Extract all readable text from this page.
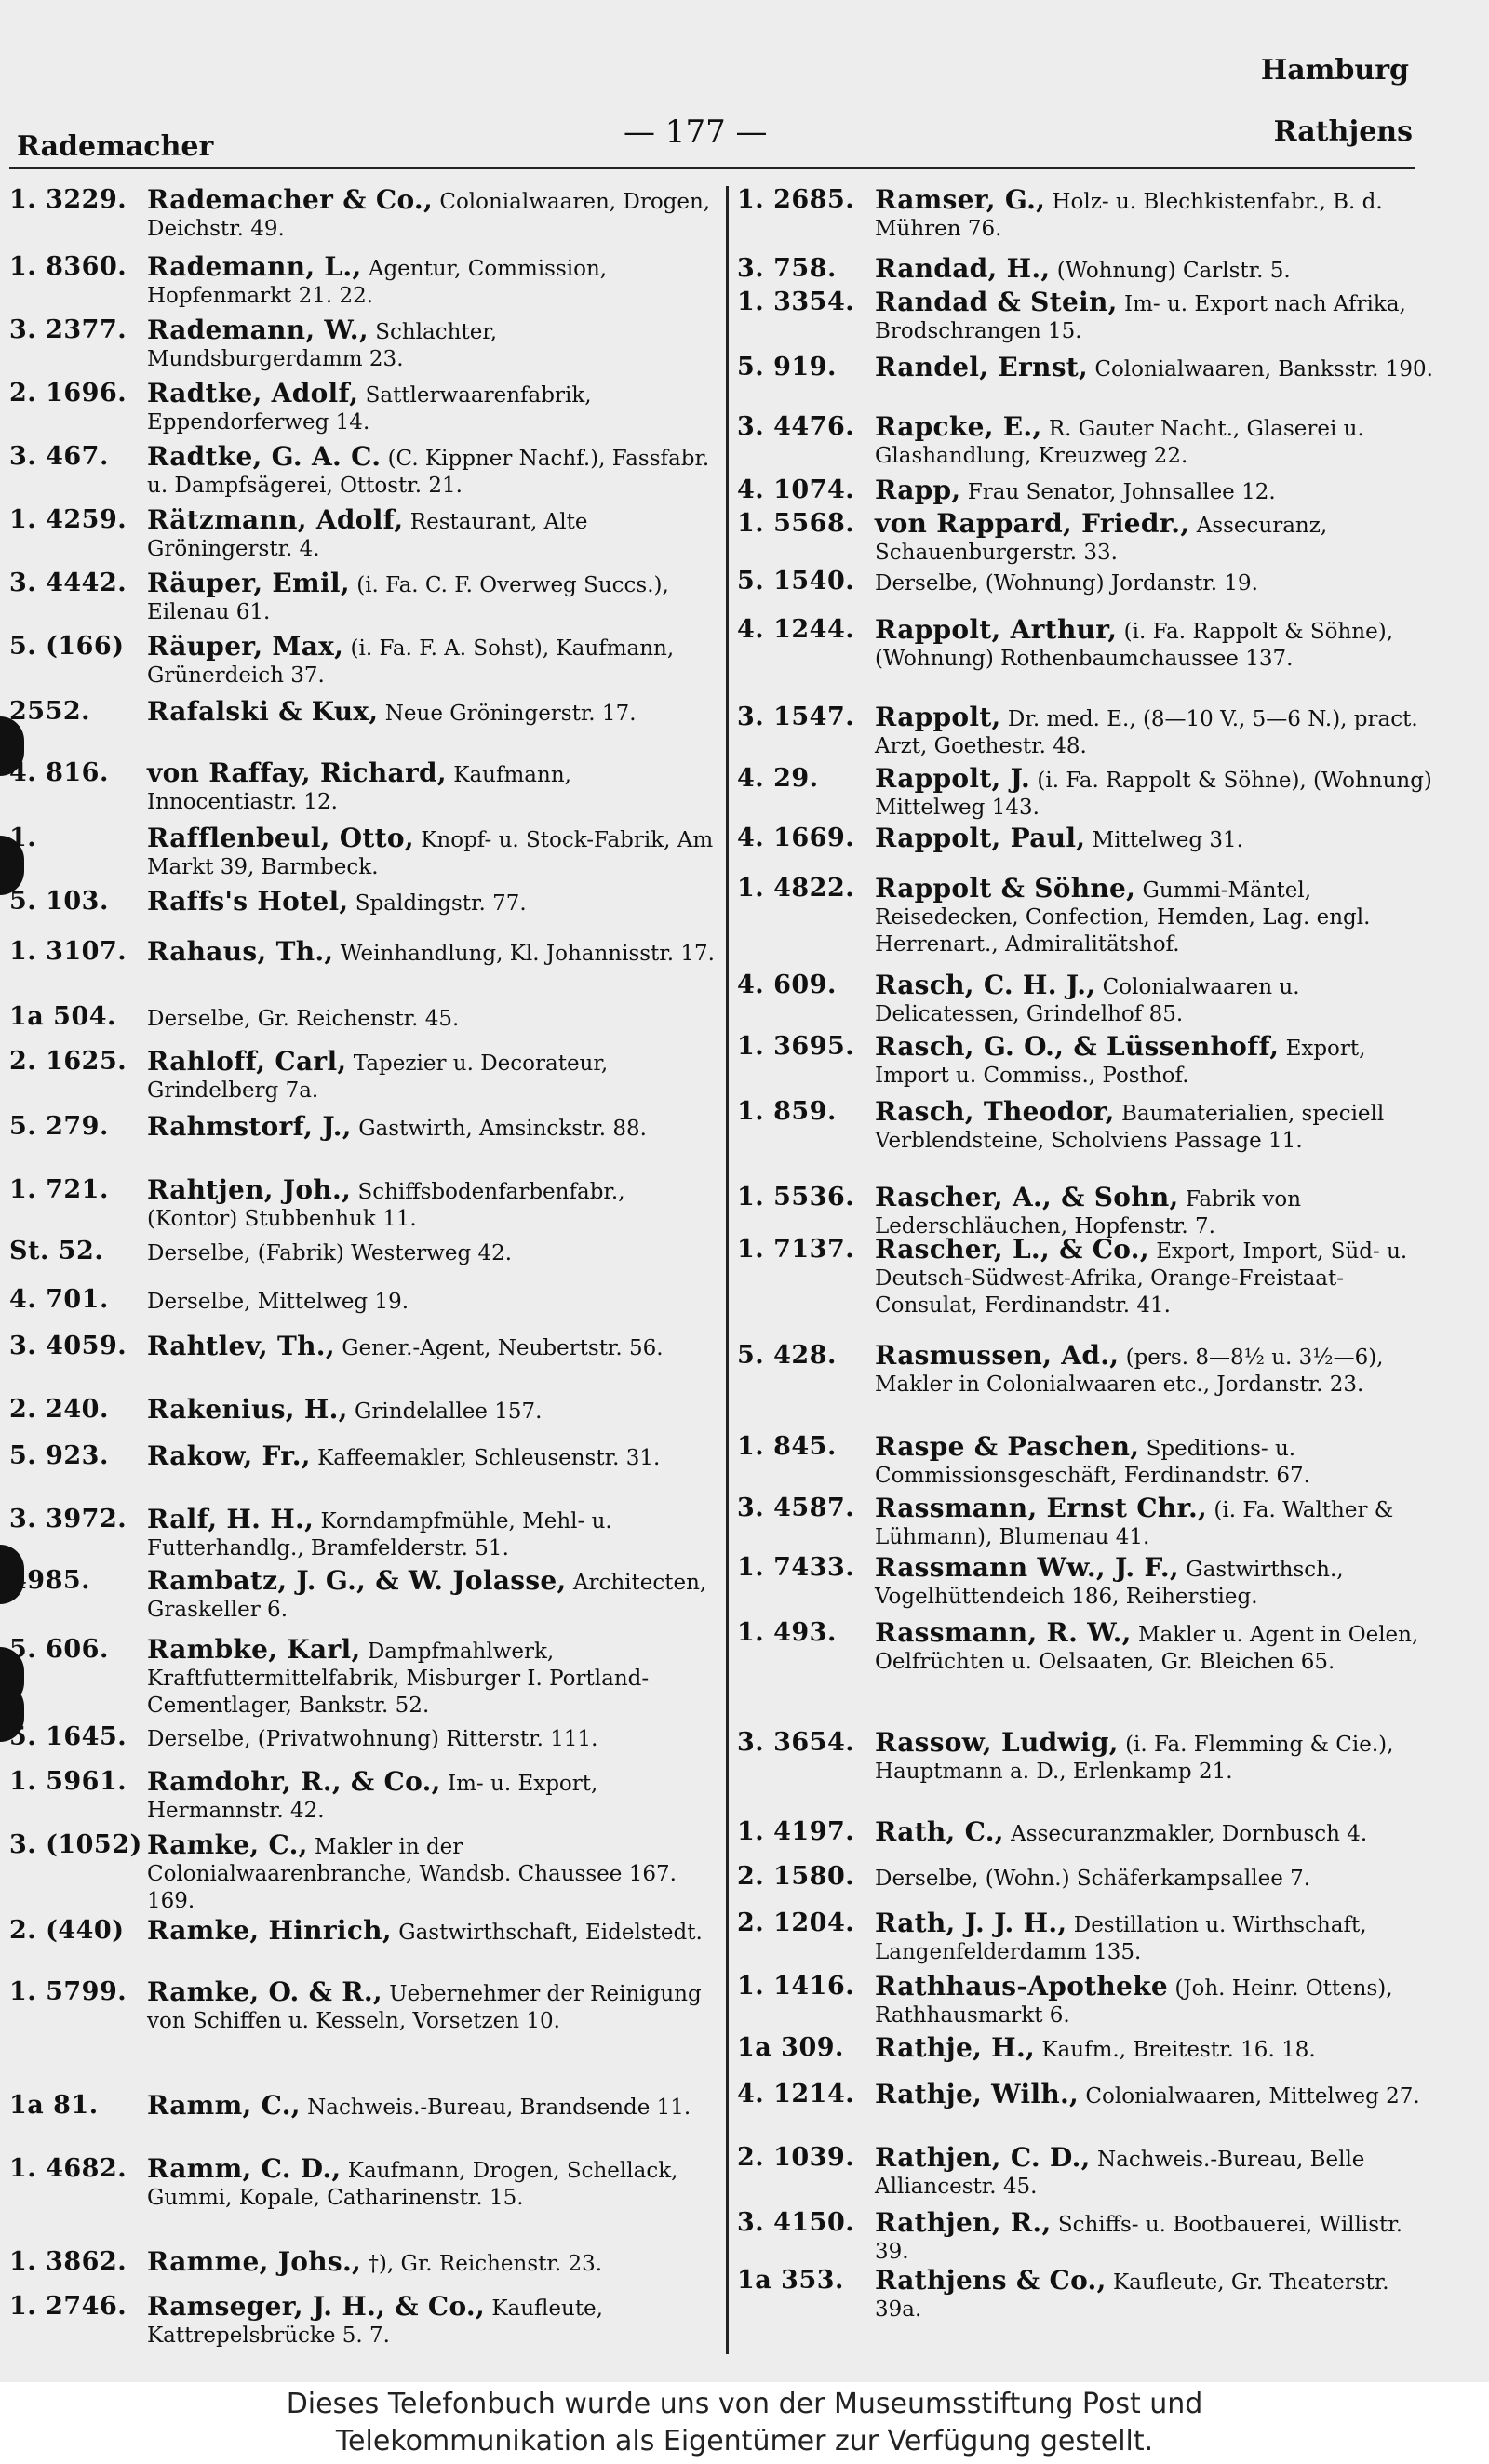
Rademacher	— 177 —
Hamburg
Rathjens
1. 3229. Rademacher & Co., Colonialwaaren, Drogen, Deichstr. 49.
1. 8360. Rademann, L., Agentur, Commission, Hopfenmarkt 21. 22.
3. 2377. Rademann, W., Schlachter, Mundsburgerdamm 23.
2. 1696. Radtke, Adolf, Sattlerwaarenfabrik, Eppendorferweg 14.
3. 467. Radtke, G. A. C. (C. Kippner Nachf.), Fassfabr. u. Dampfsägerei, Ottostr. 21.
1. 4259. Rätzmann, Adolf, Restaurant, Alte Gröningerstr. 4.
3. 4442. Räuper, Emil, (i. Fa. C. F. Overweg Succs.), Eilenau 61.
5. (166) Räuper, Max, (i. Fa. F. A. Sohst), Kaufmann, Grünerdeich 37.
2552. Rafalski & Kux, Neue Gröningerstr. 17.
4. 816. von Raffay, Richard, Kaufmann, Innocentiastr. 12.
1.	Rafflenbeul, Otto, Knopf- u. Stock-Fabrik, Am Markt 39, Barmbeck.
5. 103. Raffs's Hotel, Spaldingstr. 77.
1. 3107. Rahaus, Th., Weinhandlung, Kl. Johannisstr. 17.
1a 504. Derselbe, Gr. Reichenstr. 45.
2. 1625. Rahloff, Carl, Tapezier u. Decorateur, Grindelberg 7a.
5. 279. Rahmstorf, J., Gastwirth, Amsinckstr. 88.
1. 721. Rahtjen, Joh., Schiffsbodenfarbenfabr., (Kontor) Stubbenhuk 11.
St. 52. Derselbe, (Fabrik) Westerweg 42.
4. 701. Derselbe, Mittelweg 19.
3. 4059. Rahtlev, Th., Gener.-Agent, Neubertstr. 56.
2. 240. Rakenius, H., Grindelallee 157.
5. 923. Rakow, Fr., Kaffeemakler, Schleusenstr. 31.
3. 3972. Ralf, H. H., Korndampfmühle, Mehl- u. Futterhandlg., Bramfelderstr. 51.
4985. Rambatz, J. G., & W. Jolasse, Architecten, Graskeller 6.
5. 606. Rambke, Karl, Dampfmahlwerk, Kraftfuttermittelfabrik, Misburger I. Portland-Cementlager, Bankstr. 52.
5. 1645. Derselbe, (Privatwohnung) Ritterstr. 111.
1. 5961. Ramdohr, R., & Co., Im- u. Export, Hermannstr. 42.
3. (1052) Ramke, C., Makler in der Colonialwaarenbranche, Wandsb. Chaussee 167. 169.
2. (440) Ramke, Hinrich, Gastwirthschaft, Eidelstedt.
1. 5799. Ramke, O. & R., Uebernehmer der Reinigung von Schiffen u. Kesseln, Vorsetzen 10.
1a 81. Ramm, C., Nachweis.-Bureau, Brandsende 11.
1. 4682. Ramm, C. D., Kaufmann, Drogen, Schellack, Gummi, Kopale, Catharinenstr. 15.
1. 3862. Ramme, Johs., †), Gr. Reichenstr. 23.
1. 2746. Ramseger, J. H., & Co., Kaufleute, Kattrepelsbrücke 5. 7.
1. 2685. Ramser, G., Holz- u. Blechkistenfabr., B. d. Mühren 76.
3. 758. Randad, H., (Wohnung) Carlstr. 5.
1. 3354. Randad & Stein, Im- u. Export nach Afrika, Brodschrangen 15.
5. 919. Randel, Ernst, Colonialwaaren, Banksstr. 190.
3. 4476. Rapcke, E., R. Gauter Nacht., Glaserei u. Glashandlung, Kreuzweg 22.
4. 1074. Rapp, Frau Senator, Johnsallee 12.
1. 5568. von Rappard, Friedr., Assecuranz, Schauenburgerstr. 33.
5. 1540. Derselbe, (Wohnung) Jordanstr. 19.
4. 1244. Rappolt, Arthur, (i. Fa. Rappolt & Söhne), (Wohnung) Rothenbaumchaussee 137.
3. 1547. Rappolt, Dr. med. E., (8—10 V., 5—6 N.), pract. Arzt, Goethestr. 48.
4. 29. Rappolt, J. (i. Fa. Rappolt & Söhne), (Wohnung) Mittelweg 143.
4. 1669. Rappolt, Paul, Mittelweg 31.
1. 4822. Rappolt & Söhne, Gummi-Mäntel, Reisedecken, Confection, Hemden, Lag. engl. Herrenart., Admiralitätshof.
4. 609. Rasch, C. H. J., Colonialwaaren u. Delicatessen, Grindelhof 85.
1. 3695. Rasch, G. O., & Lüssenhoff, Export, Import u. Commiss., Posthof.
1. 859. Rasch, Theodor, Baumaterialien, speciell Verblendsteine, Scholviens Passage 11.
1. 5536. Rascher, A., & Sohn, Fabrik von Lederschläuchen, Hopfenstr. 7.
1. 7137. Rascher, L., & Co., Export, Import, Süd- u. Deutsch-Südwest-Afrika, Orange-Freistaat-Consulat, Ferdinandstr. 41.
5. 428. Rasmussen, Ad., (pers. 8—8½ u. 3½—6), Makler in Colonialwaaren etc., Jordanstr. 23.
1. 845. Raspe & Paschen, Speditions- u. Commissionsgeschäft, Ferdinandstr. 67.
3. 4587. Rassmann, Ernst Chr., (i. Fa. Walther & Lühmann), Blumenau 41.
1. 7433. Rassmann Ww., J. F., Gastwirthsch., Vogelhüttendeich 186, Reiherstieg.
1. 493. Rassmann, R. W., Makler u. Agent in Oelen, Oelfrüchten u. Oelsaaten, Gr. Bleichen 65.
3. 3654. Rassow, Ludwig, (i. Fa. Flemming & Cie.), Hauptmann a. D., Erlenkamp 21.
1. 4197. Rath, C., Assecuranzmakler, Dornbusch 4.
2. 1580. Derselbe, (Wohn.) Schäferkampsallee 7.
2. 1204. Rath, J. J. H., Destillation u. Wirthschaft, Langenfelderdamm 135.
1. 1416. Rathhaus-Apotheke (Joh. Heinr. Ottens), Rathhausmarkt 6.
1a 309. Rathje, H., Kaufm., Breitestr. 16. 18.
4. 1214. Rathje, Wilh., Colonialwaaren, Mittelweg 27.
2. 1039. Rathjen, C. D., Nachweis.-Bureau, Belle Alliancestr. 45.
3. 4150. Rathjen, R., Schiffs- u. Bootbauerei, Willistr. 39.
1a 353. Rathjens & Co., Kaufleute, Gr. Theaterstr. 39a.
Dieses Telefonbuch wurde uns von der Museumsstiftung Post und
Telekommunikation als Eigentümer zur Verfügung gestellt.
